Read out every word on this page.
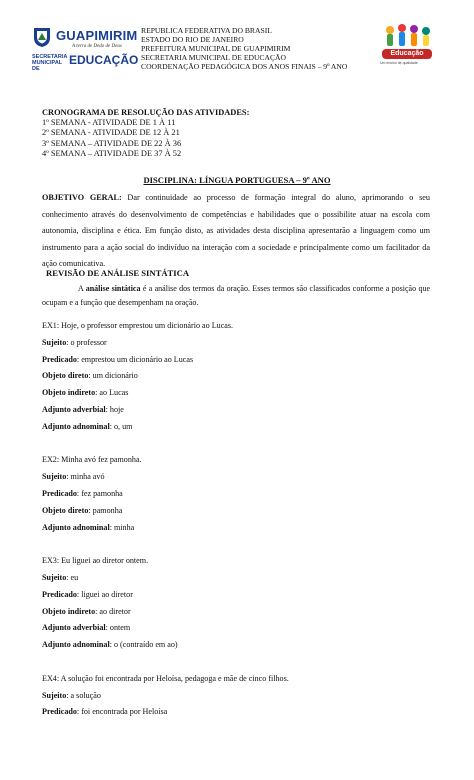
GUAPIMIRIM
A terra de Dedo de Deus
SECRETARIA MUNICIPAL DE
EDUCAÇÃO
REPUBLICA FEDERATIVA DO BRASIL
ESTADO DO RIO DE JANEIRO
PREFEITURA MUNICIPAL DE GUAPIMIRIM
SECRETARIA MUNICIPAL DE EDUCAÇÃO
COORDENAÇÃO PEDAGÓGICA DOS ANOS FINAIS – 9º ANO
Educação
Um ensino de qualidade
CRONOGRAMA DE RESOLUÇÃO DAS ATIVIDADES:
1º SEMANA - ATIVIDADE DE 1 À 11
2º SEMANA - ATIVIDADE DE 12 À 21
3º SEMANA – ATIVIDADE DE 22 À 36
4º SEMANA – ATIVIDADE DE 37 À 52
DISCIPLINA: LÍNGUA PORTUGUESA – 9º ANO
OBJETIVO GERAL: Dar continuidade ao processo de formação integral do aluno, aprimorando o seu conhecimento através do desenvolvimento de competências e habilidades que o possibilite atuar na escola com autonomia, disciplina e ética. Em função disto, as atividades desta disciplina apresentarão a linguagem como um instrumento para a ação social do indivíduo na interação com a sociedade e principalmente como um facilitador da ação comunicativa.
REVISÃO DE ANÁLISE SINTÁTICA
A análise sintática é a análise dos termos da oração. Esses termos são classificados conforme a posição que ocupam e a função que desempenham na oração.
EX1: Hoje, o professor emprestou um dicionário ao Lucas.
Sujeito: o professor
Predicado: emprestou um dicionário ao Lucas
Objeto direto: um dicionário
Objeto indireto: ao Lucas
Adjunto adverbial: hoje
Adjunto adnominal: o, um
EX2: Minha avó fez pamonha.
Sujeito: minha avó
Predicado: fez pamonha
Objeto direto: pamonha
Adjunto adnominal: minha
EX3: Eu liguei ao diretor ontem.
Sujeito: eu
Predicado: liguei ao diretor
Objeto indireto: ao diretor
Adjunto adverbial: ontem
Adjunto adnominal: o (contraído em ao)
EX4: A solução foi encontrada por Heloísa, pedagoga e mãe de cinco filhos.
Sujeito: a solução
Predicado: foi encontrada por Heloísa
